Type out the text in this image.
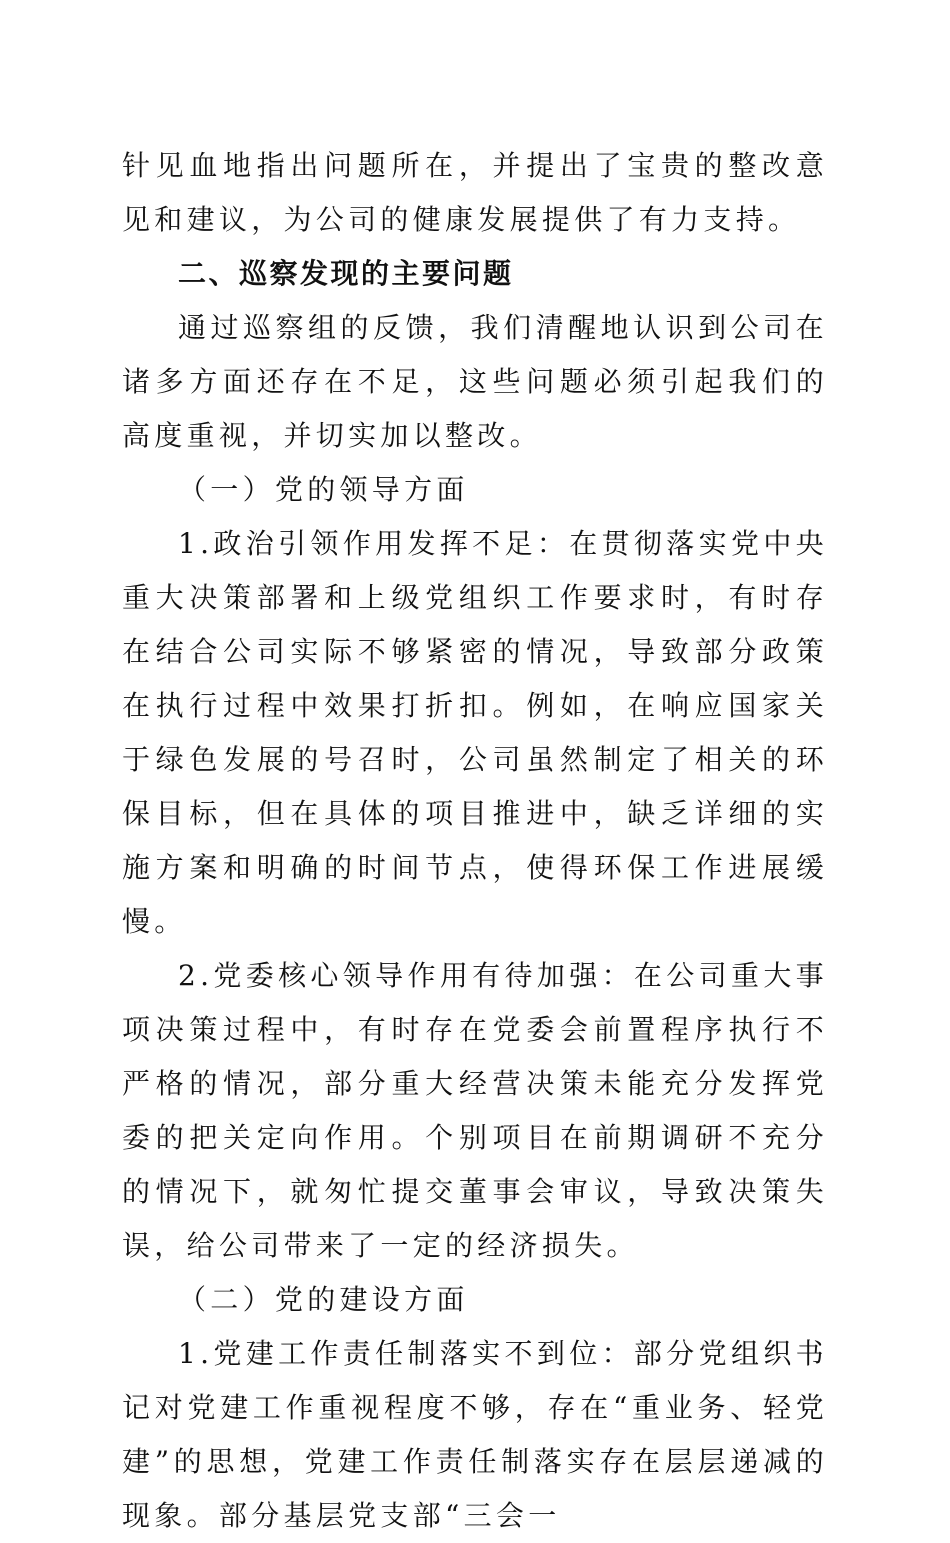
针见血地指出问题所在，并提出了宝贵的整改意见和建议，为公司的健康发展提供了有力支持。

二、巡察发现的主要问题

通过巡察组的反馈，我们清醒地认识到公司在诸多方面还存在不足，这些问题必须引起我们的高度重视，并切实加以整改。

（一）党的领导方面

1.政治引领作用发挥不足：在贯彻落实党中央重大决策部署和上级党组织工作要求时，有时存在结合公司实际不够紧密的情况，导致部分政策在执行过程中效果打折扣。例如，在响应国家关于绿色发展的号召时，公司虽然制定了相关的环保目标，但在具体的项目推进中，缺乏详细的实施方案和明确的时间节点，使得环保工作进展缓慢。

2.党委核心领导作用有待加强：在公司重大事项决策过程中，有时存在党委会前置程序执行不严格的情况，部分重大经营决策未能充分发挥党委的把关定向作用。个别项目在前期调研不充分的情况下，就匆忙提交董事会审议，导致决策失误，给公司带来了一定的经济损失。

（二）党的建设方面

1.党建工作责任制落实不到位：部分党组织书记对党建工作重视程度不够，存在“重业务、轻党建”的思想，党建工作责任制落实存在层层递减的现象。部分基层党支部“三会一
